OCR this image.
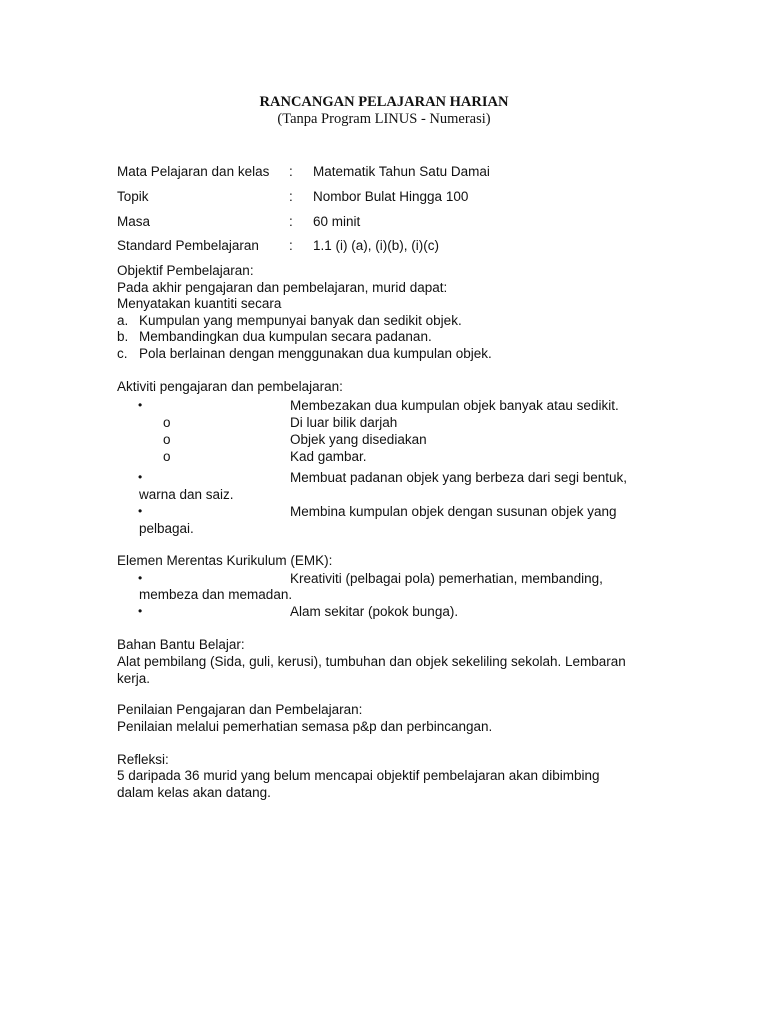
RANCANGAN PELAJARAN HARIAN
(Tanpa Program LINUS - Numerasi)
Mata Pelajaran dan kelas : Matematik Tahun Satu Damai
Topik	: Nombor Bulat Hingga 100
Masa	: 60 minit
Standard Pembelajaran : 1.1 (i) (a), (i)(b), (i)(c)
Objektif Pembelajaran:
Pada akhir pengajaran dan pembelajaran, murid dapat:
Menyatakan kuantiti secara
a. Kumpulan yang mempunyai banyak dan sedikit objek.
b. Membandingkan dua kumpulan secara padanan.
c. Pola berlainan dengan menggunakan dua kumpulan objek.
Aktiviti pengajaran dan pembelajaran:
•	Membezakan dua kumpulan objek banyak atau sedikit.
o	Di luar bilik darjah
o	Objek yang disediakan
o	Kad gambar.
•	Membuat padanan objek yang berbeza dari segi bentuk,
warna dan saiz.
•	Membina kumpulan objek dengan susunan objek yang
pelbagai.
Elemen Merentas Kurikulum (EMK):
•	Kreativiti (pelbagai pola) pemerhatian, membanding,
membeza dan memadan.
•	Alam sekitar (pokok bunga).
Bahan Bantu Belajar:
Alat pembilang (Sida, guli, kerusi), tumbuhan dan objek sekeliling sekolah. Lembaran
kerja.
Penilaian Pengajaran dan Pembelajaran:
Penilaian melalui pemerhatian semasa p&p dan perbincangan.
Refleksi:
5 daripada 36 murid yang belum mencapai objektif pembelajaran akan dibimbing
dalam kelas akan datang.
